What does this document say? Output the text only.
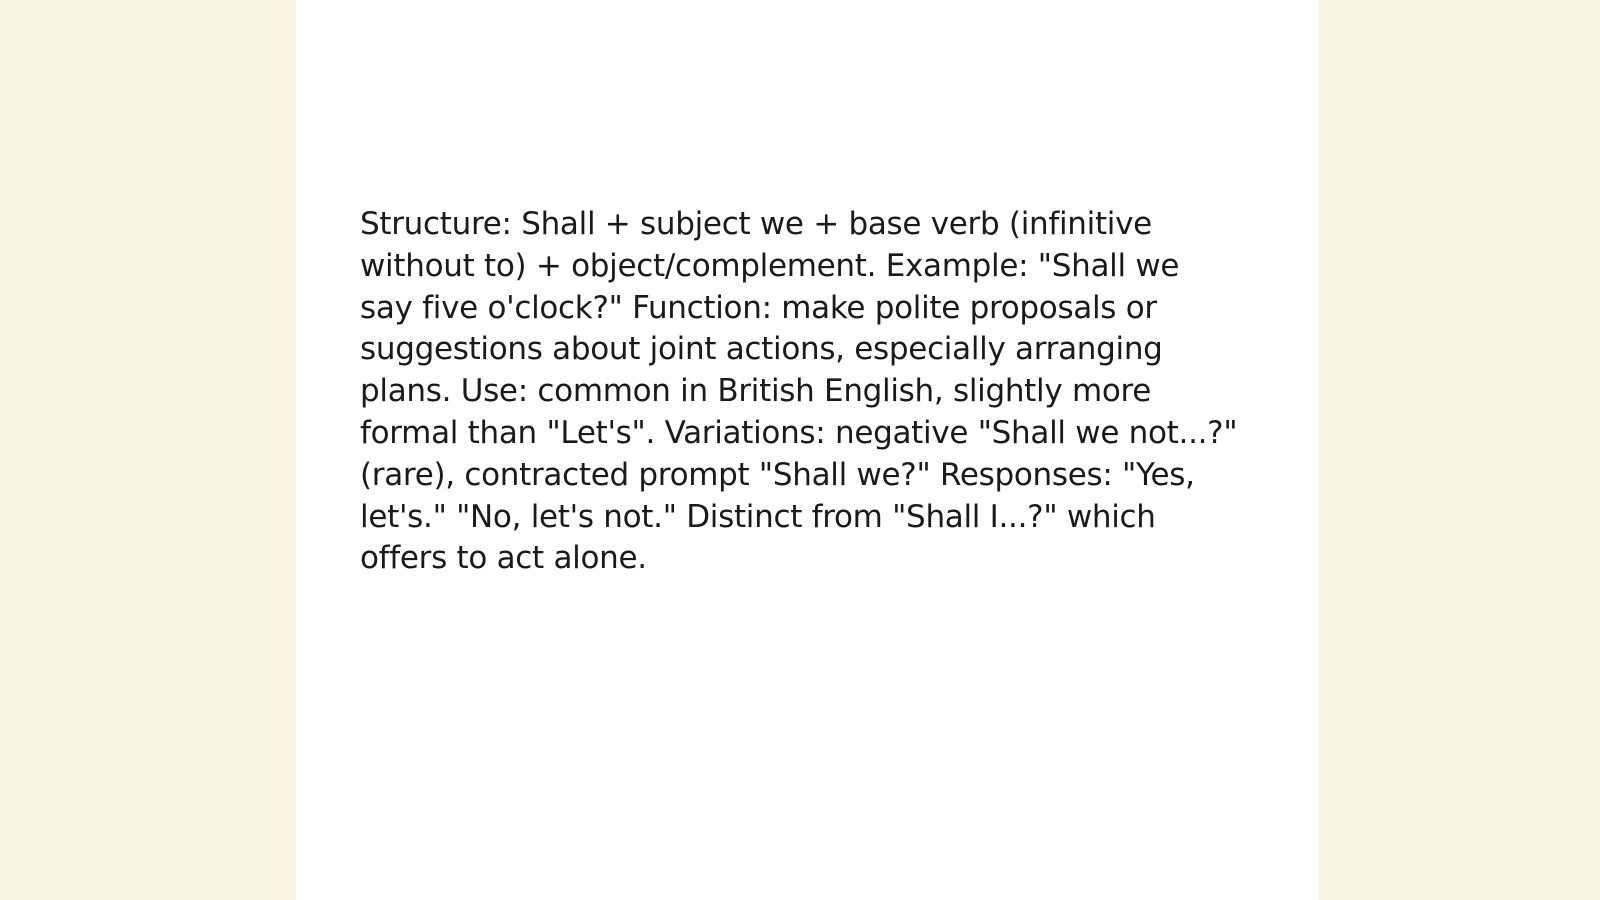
Structure: Shall + subject we + base verb (infinitive without to) + object/complement. Example: "Shall we say five o'clock?" Function: make polite proposals or suggestions about joint actions, especially arranging plans. Use: common in British English, slightly more formal than "Let's". Variations: negative "Shall we not...?" (rare), contracted prompt "Shall we?" Responses: "Yes, let's." "No, let's not." Distinct from "Shall I...?" which offers to act alone.
